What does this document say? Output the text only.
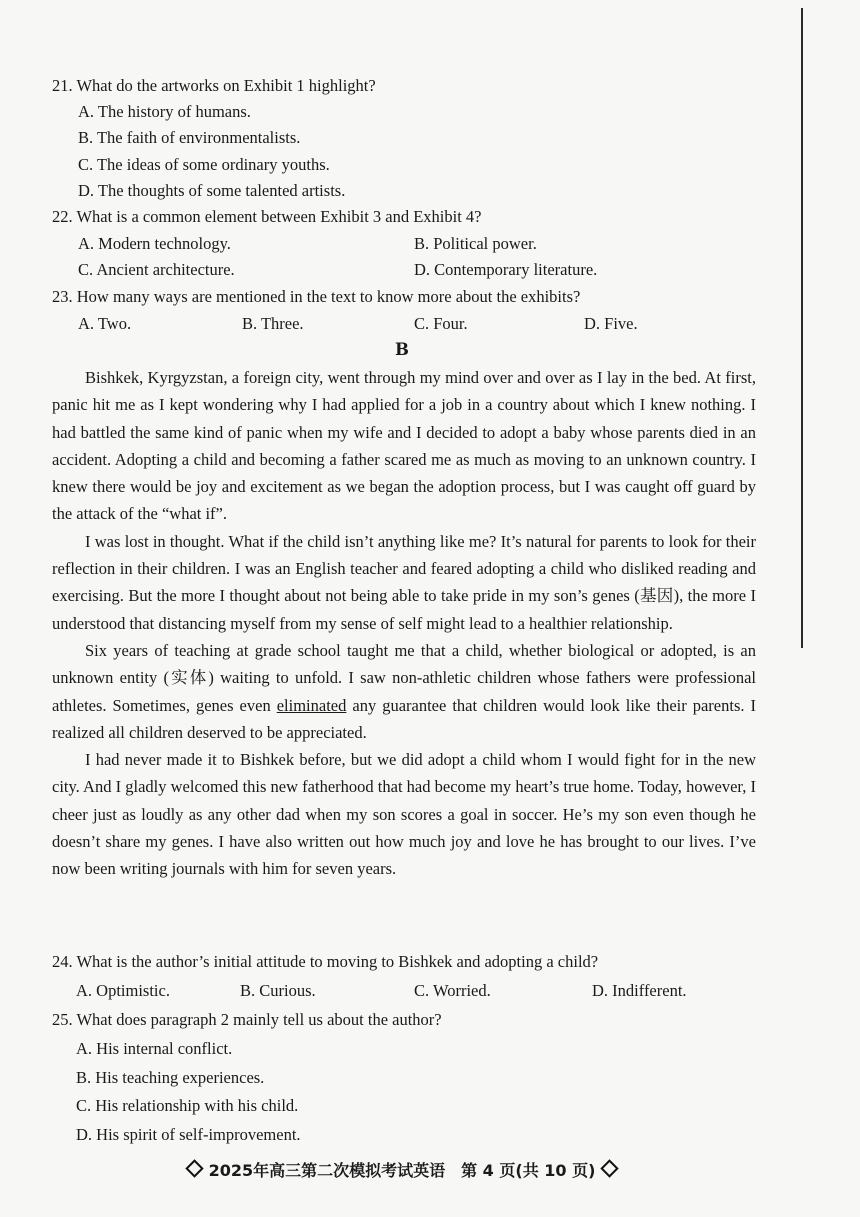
21. What do the artworks on Exhibit 1 highlight?
A. The history of humans.
B. The faith of environmentalists.
C. The ideas of some ordinary youths.
D. The thoughts of some talented artists.
22. What is a common element between Exhibit 3 and Exhibit 4?
A. Modern technology.	B. Political power.
C. Ancient architecture.	D. Contemporary literature.
23. How many ways are mentioned in the text to know more about the exhibits?
A. Two.	B. Three.	C. Four.	D. Five.
B

Bishkek, Kyrgyzstan, a foreign city, went through my mind over and over as I lay in the bed. At first, panic hit me as I kept wondering why I had applied for a job in a country about which I knew nothing. I had battled the same kind of panic when my wife and I decided to adopt a baby whose parents died in an accident. Adopting a child and becoming a father scared me as much as moving to an unknown country. I knew there would be joy and excitement as we began the adoption process, but I was caught off guard by the attack of the “what if”.

I was lost in thought. What if the child isn’t anything like me? It’s natural for parents to look for their reflection in their children. I was an English teacher and feared adopting a child who disliked reading and exercising. But the more I thought about not being able to take pride in my son’s genes (基因), the more I understood that distancing myself from my sense of self might lead to a healthier relationship.

Six years of teaching at grade school taught me that a child, whether biological or adopted, is an unknown entity (实体) waiting to unfold. I saw non-athletic children whose fathers were professional athletes. Sometimes, genes even eliminated any guarantee that children would look like their parents. I realized all children deserved to be appreciated.

I had never made it to Bishkek before, but we did adopt a child whom I would fight for in the new city. And I gladly welcomed this new fatherhood that had become my heart’s true home. Today, however, I cheer just as loudly as any other dad when my son scores a goal in soccer. He’s my son even though he doesn’t share my genes. I have also written out how much joy and love he has brought to our lives. I’ve now been writing journals with him for seven years.

24. What is the author’s initial attitude to moving to Bishkek and adopting a child?
A. Optimistic.	B. Curious.	C. Worried.	D. Indifferent.
25. What does paragraph 2 mainly tell us about the author?
A. His internal conflict.
B. His teaching experiences.
C. His relationship with his child.
D. His spirit of self-improvement.
2025年高三第二次模拟考试英语　第 4 页(共 10 页)
